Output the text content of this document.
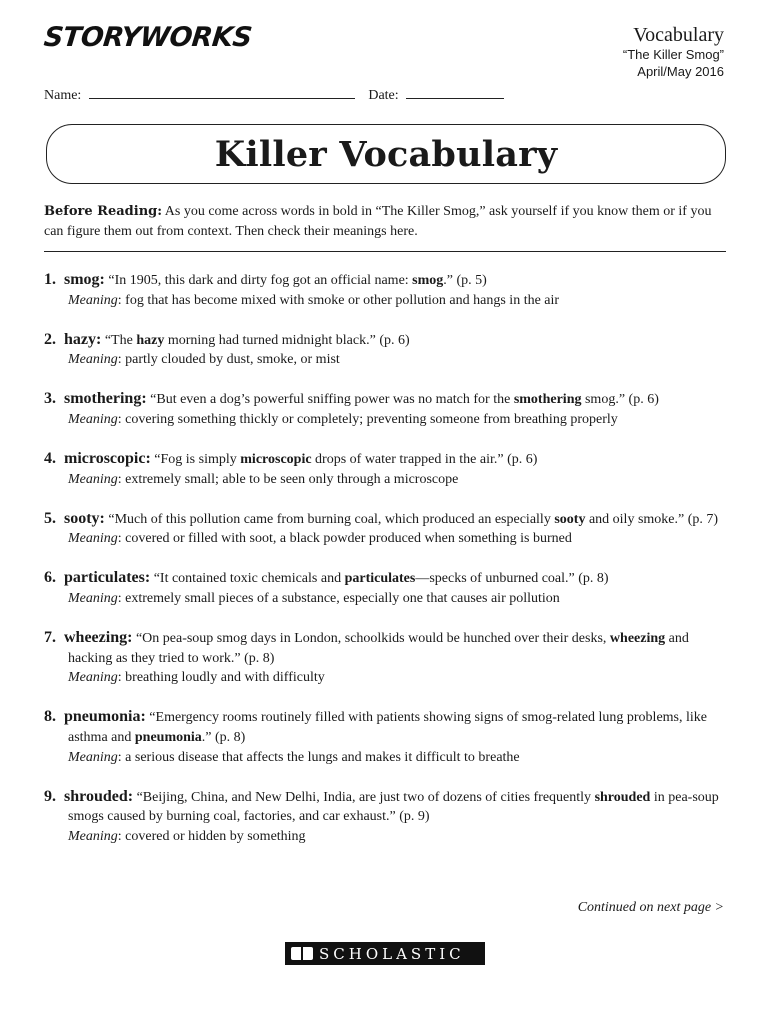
STORYWORKS	Vocabulary
“The Killer Smog”
April/May 2016
Name:	Date:
Killer Vocabulary
Before Reading: As you come across words in bold in “The Killer Smog,” ask yourself if you know them or if you can figure them out from context. Then check their meanings here.
1. smog: “In 1905, this dark and dirty fog got an official name: smog.” (p. 5)
Meaning: fog that has become mixed with smoke or other pollution and hangs in the air
2. hazy: “The hazy morning had turned midnight black.” (p. 6)
Meaning: partly clouded by dust, smoke, or mist
3. smothering: “But even a dog’s powerful sniffing power was no match for the smothering smog.” (p. 6)
Meaning: covering something thickly or completely; preventing someone from breathing properly
4. microscopic: “Fog is simply microscopic drops of water trapped in the air.” (p. 6)
Meaning: extremely small; able to be seen only through a microscope
5. sooty: “Much of this pollution came from burning coal, which produced an especially sooty and oily smoke.” (p. 7)
Meaning: covered or filled with soot, a black powder produced when something is burned
6. particulates: “It contained toxic chemicals and particulates—specks of unburned coal.” (p. 8)
Meaning: extremely small pieces of a substance, especially one that causes air pollution
7. wheezing: “On pea-soup smog days in London, schoolkids would be hunched over their desks, wheezing and hacking as they tried to work.” (p. 8)
Meaning: breathing loudly and with difficulty
8. pneumonia: “Emergency rooms routinely filled with patients showing signs of smog-related lung problems, like asthma and pneumonia.” (p. 8)
Meaning: a serious disease that affects the lungs and makes it difficult to breathe
9. shrouded: “Beijing, China, and New Delhi, India, are just two of dozens of cities frequently shrouded in pea-soup smogs caused by burning coal, factories, and car exhaust.” (p. 9)
Meaning: covered or hidden by something
Continued on next page >
SCHOLASTIC
